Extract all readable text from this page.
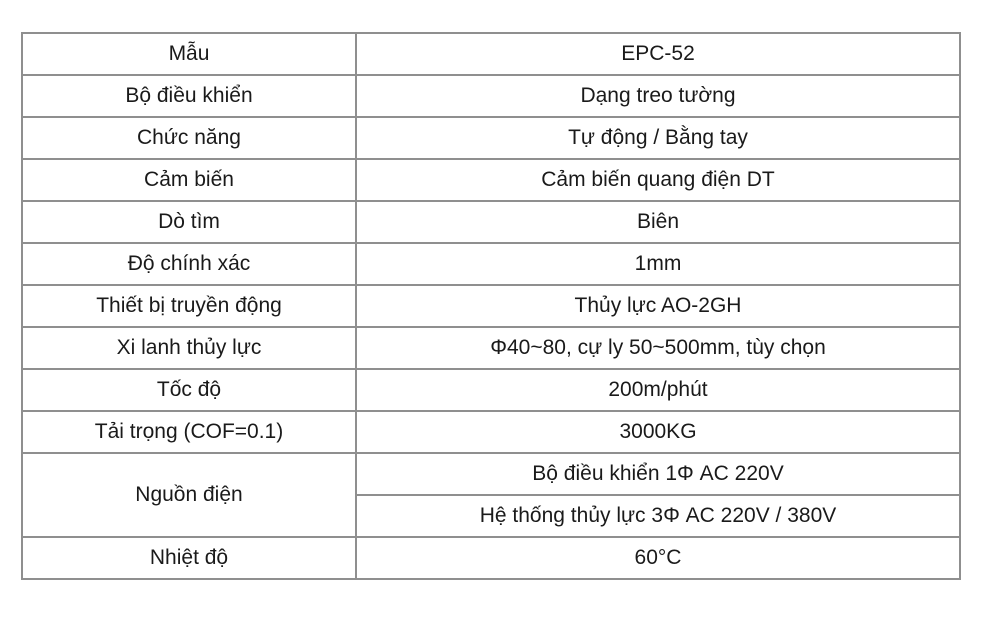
Mẫu	EPC-52
Bộ điều khiển	Dạng treo tường
Chức năng	Tự động / Bằng tay
Cảm biến	Cảm biến quang điện DT
Dò tìm	Biên
Độ chính xác	1mm
Thiết bị truyền động	Thủy lực AO-2GH
Xi lanh thủy lực	Φ40~80, cự ly 50~500mm, tùy chọn
Tốc độ	200m/phút
Tải trọng (COF=0.1)	3000KG
Nguồn điện	Bộ điều khiển 1Φ AC 220V
	Hệ thống thủy lực 3Φ AC 220V / 380V
Nhiệt độ	60°C
